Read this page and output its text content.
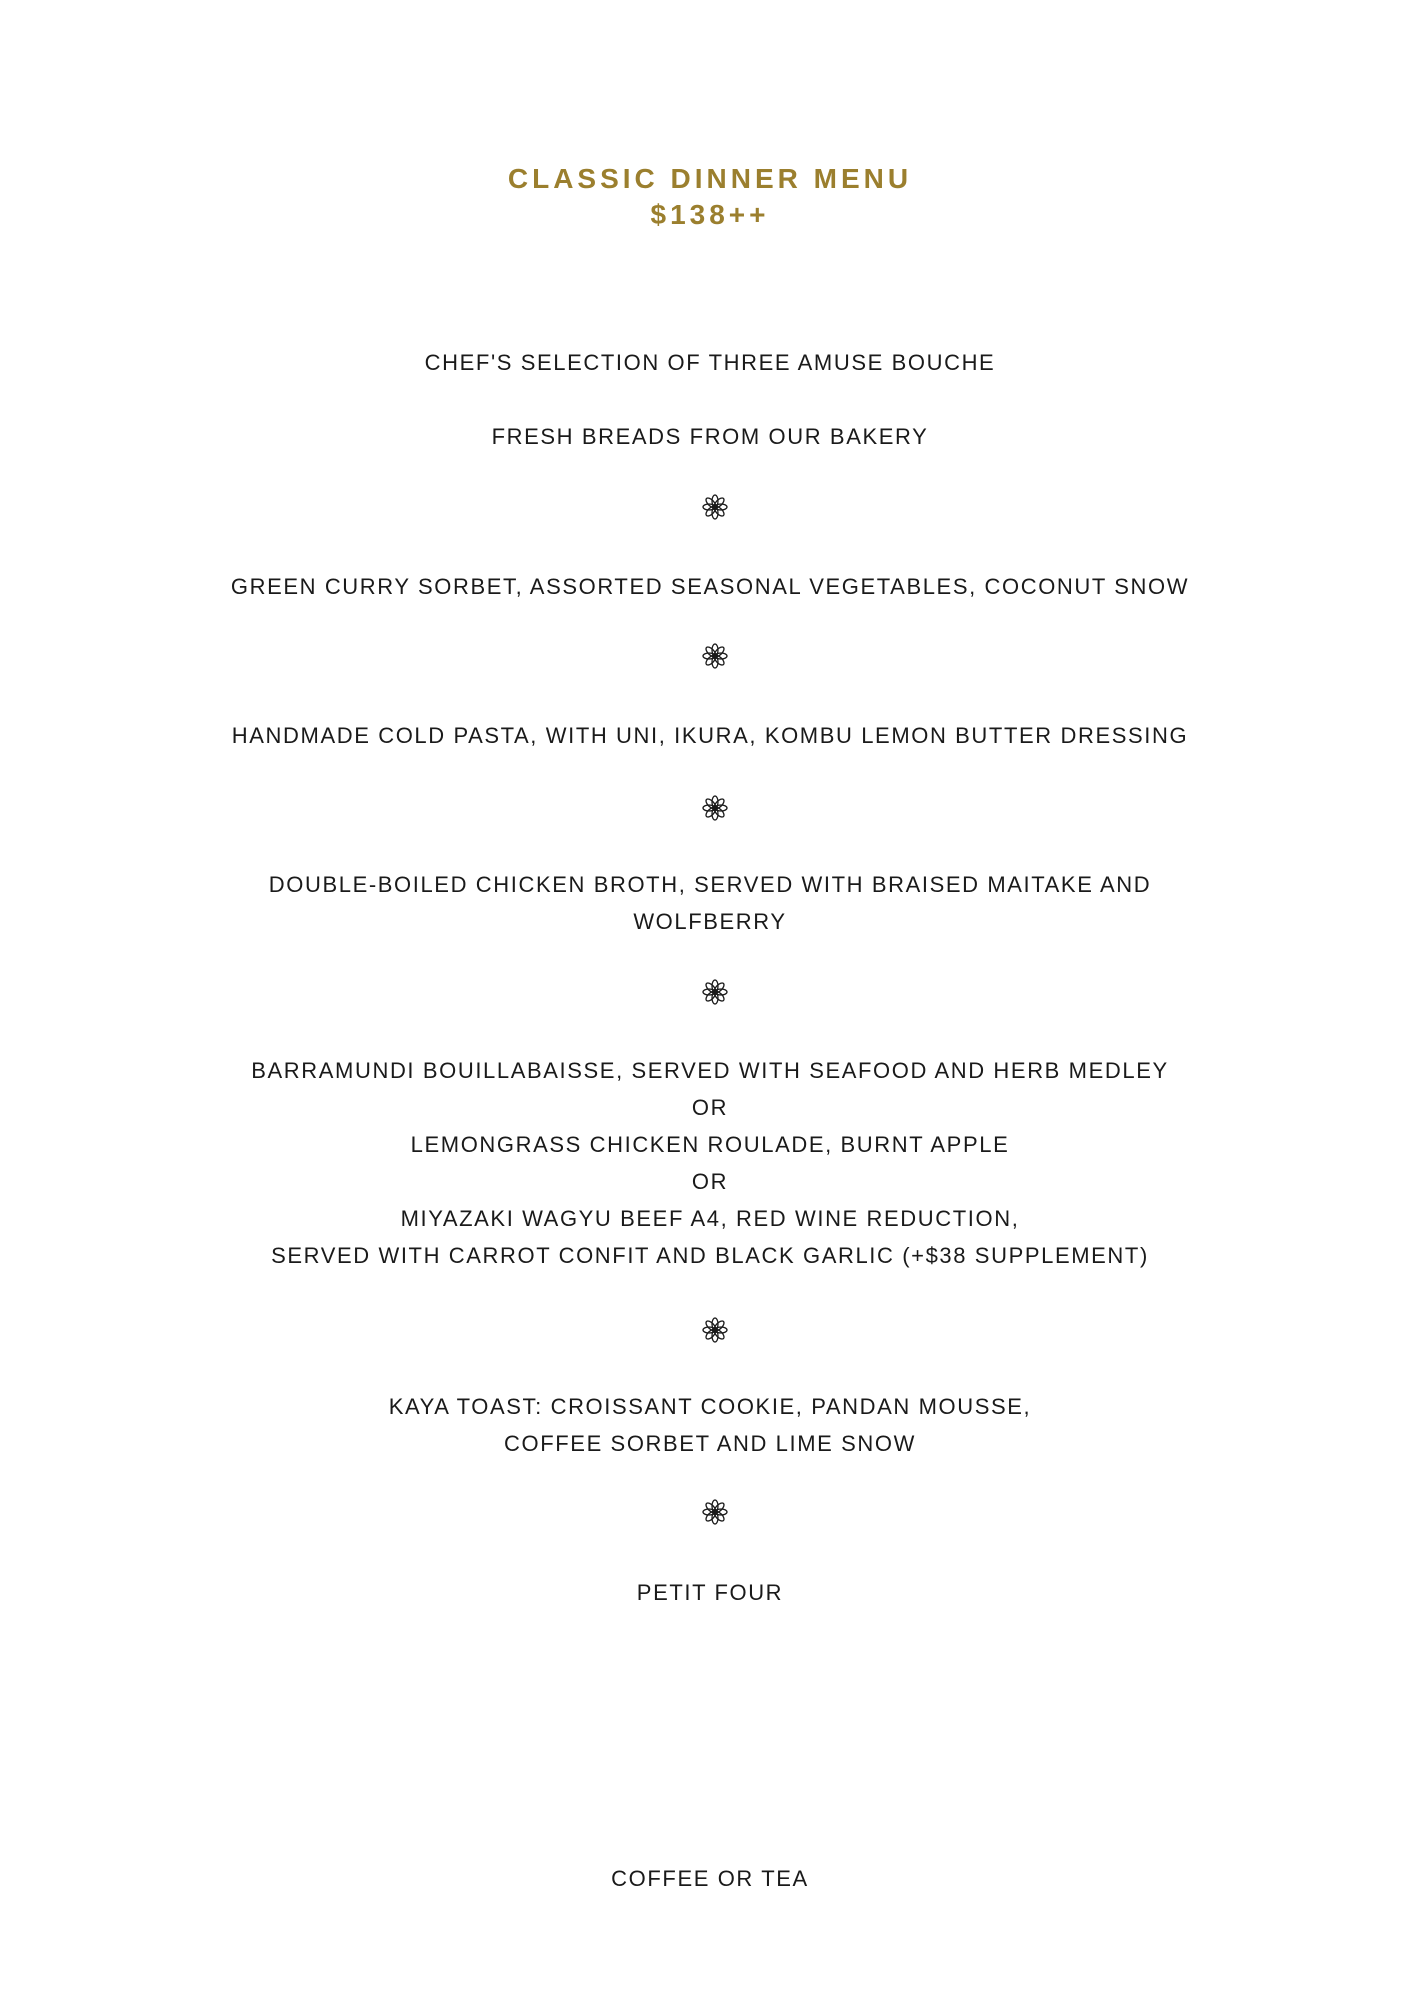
CLASSIC DINNER MENU
$138++
CHEF'S SELECTION OF THREE AMUSE BOUCHE
FRESH BREADS FROM OUR BAKERY
GREEN CURRY SORBET, ASSORTED SEASONAL VEGETABLES, COCONUT SNOW
HANDMADE COLD PASTA, WITH UNI, IKURA, KOMBU LEMON BUTTER DRESSING
DOUBLE-BOILED CHICKEN BROTH, SERVED WITH BRAISED MAITAKE AND
WOLFBERRY
BARRAMUNDI BOUILLABAISSE, SERVED WITH SEAFOOD AND HERB MEDLEY
OR
LEMONGRASS CHICKEN ROULADE, BURNT APPLE
OR
MIYAZAKI WAGYU BEEF A4, RED WINE REDUCTION,
SERVED WITH CARROT CONFIT AND BLACK GARLIC (+$38 SUPPLEMENT)
KAYA TOAST: CROISSANT COOKIE, PANDAN MOUSSE,
COFFEE SORBET AND LIME SNOW
PETIT FOUR
COFFEE OR TEA
